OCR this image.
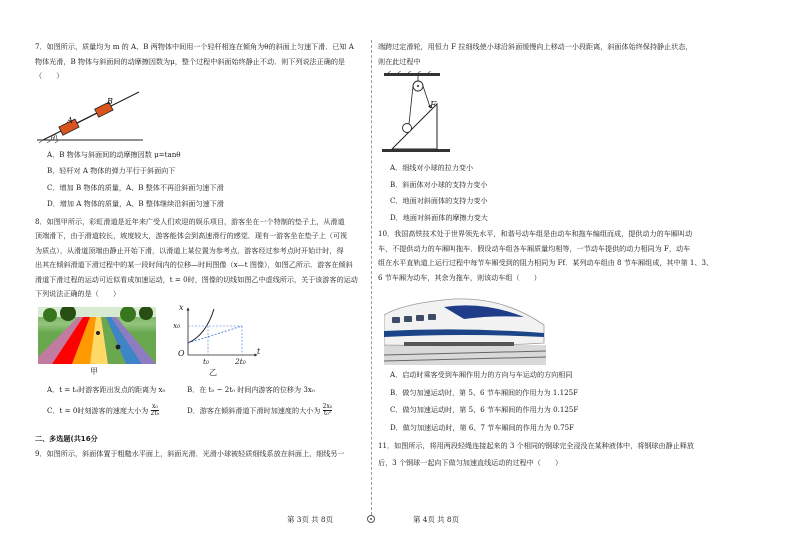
7．如图所示，质量均为 m 的 A、B 两物体中间用一个轻杆相连在倾角为θ的斜面上匀速下滑．已知 A

物体光滑，B 物体与斜面间的动摩擦因数为μ，整个过程中斜面始终静止不动．则下列说法正确的是

（　　）

A
B
θ

A．B 物体与斜面间的动摩擦因数 μ=tanθ

B．轻杆对 A 物体的弹力平行于斜面向下

C．增加 B 物体的质量，A、B 整体不再沿斜面匀速下滑

D．增加 A 物体的质量，A、B 整体继续沿斜面匀速下滑

8．如图甲所示，彩虹滑道是近年来广受人们欢迎的娱乐项目，游客坐在一个特制的垫子上，从滑道

顶端滑下，由于滑道较长，坡度较大，游客能体会到高速滑行的感觉．现有一游客坐在垫子上（可视

为质点），从滑道顶端由静止开始下滑，以滑道上某位置为参考点，游客经过参考点时开始计时，得

出其在倾斜滑道下滑过程中的某一段时间内的位移—时间图像（x—t 图像），如图乙所示．游客在倾斜

滑道下滑过程的运动可近似看成加速运动，t = 0时，图像的切线如图乙中虚线所示，关于该游客的运动

下列说法正确的是（　　）

甲
x
x₀
O	t
t₀	2t₀
乙
A．t = t₀时游客距出发点的距离为 x₀	B．在 t₀ ~ 2t₀ 时间内游客的位移为 3x₀
C．t = 0时刻游客的速度大小为 $\frac{\text{x₀}}{\text{2t₀}}$	D．游客在倾斜滑道下滑时加速度的大小为 $\frac{\text{2x₀}}{\text{t₀²}}$

二、多选题(共16分

9．如图所示，斜面体置于粗糙水平面上，斜面光滑．光滑小球被轻质细线系放在斜面上，细线另一

端跨过定滑轮，用恒力 F 拉细线使小球沿斜面缓慢向上移动一小段距离，斜面体始终保持静止状态，

则在此过程中

F

A．细线对小球的拉力变小

B．斜面体对小球的支持力变小

C．地面对斜面体的支持力变小

D．地面对斜面体的摩擦力变大

10．我国高铁技术处于世界领先水平，和谐号动车组是由动车和拖车编组而成，提供动力的车厢叫动

车，不提供动力的车厢叫拖车．假设动车组各车厢质量均相等，一节动车提供的动力相同为 F，动车

组在水平直轨道上运行过程中每节车厢受到的阻力相同为 Ff．某列动车组由 8 节车厢组成，其中第 1、3、

6 节车厢为动车，其余为拖车，则该动车组（　　）

A．启动时乘客受到车厢作用力的方向与车运动的方向相同

B．做匀加速运动时，第 5、6 节车厢间的作用力为 1.125F

C．做匀加速运动时，第 5、6 节车厢间的作用力为 0.125F

D．做匀加速运动时，第 6、7 节车厢间的作用力为 0.75F

11．如图所示，将用两段轻绳连接起来的 3 个相同的钢球完全浸没在某种液体中，将钢球由静止释放

后，3 个钢球一起向下做匀加速直线运动的过程中（　　）

第 3页 共 8页	第 4页 共 8页
